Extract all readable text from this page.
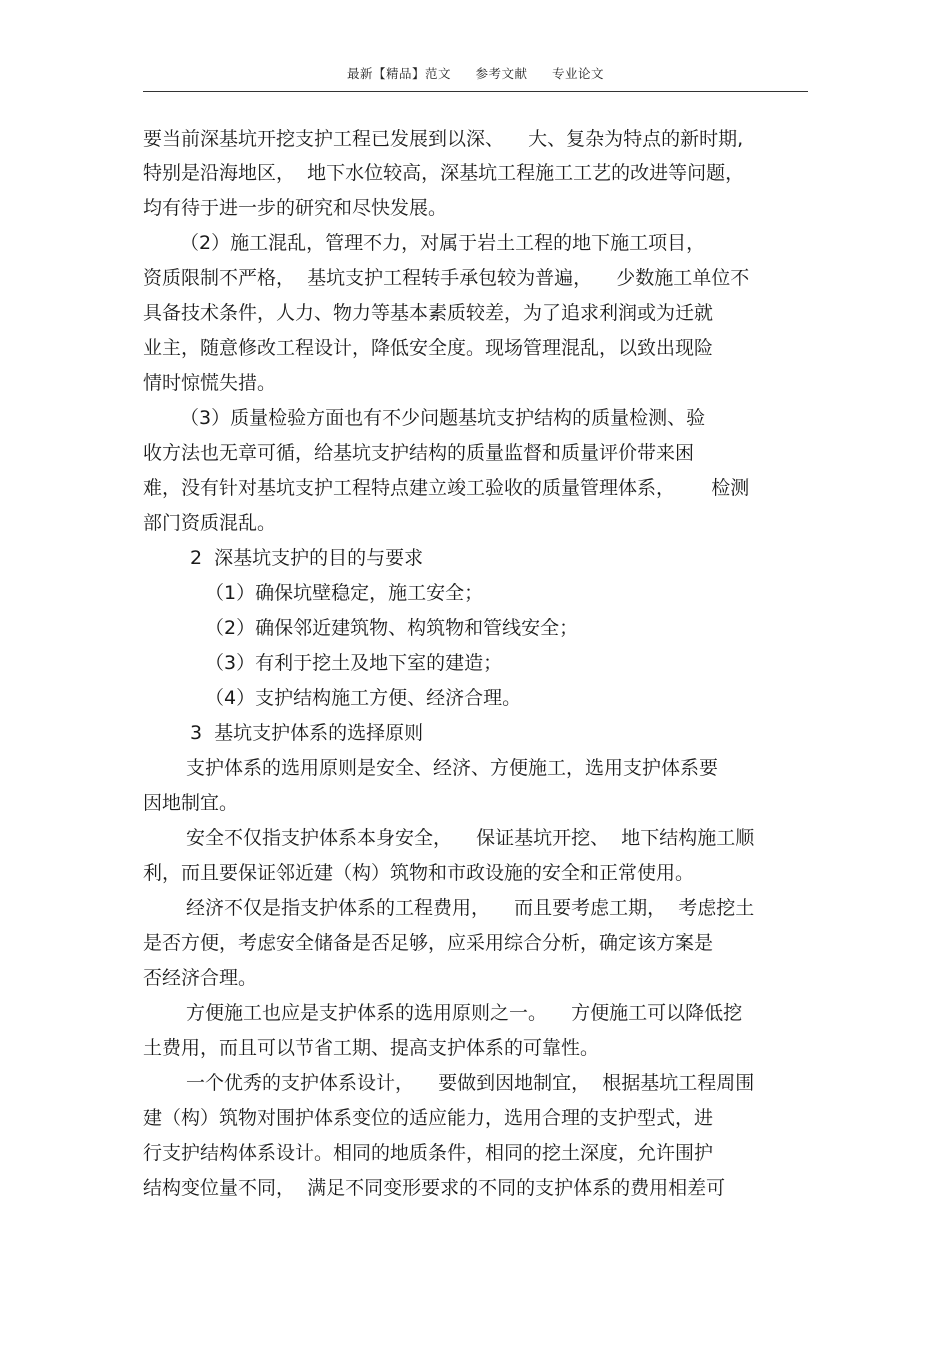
最新【精品】范文 参考文献 专业论文
要当前深基坑开挖支护工程已发展到以深、    大、复杂为特点的新时期,
特别是沿海地区，  地下水位较高，深基坑工程施工工艺的改进等问题，
均有待于进一步的研究和尽快发展。
（2）施工混乱，管理不力，对属于岩土工程的地下施工项目，
资质限制不严格，  基坑支护工程转手承包较为普遍，    少数施工单位不
具备技术条件，人力、物力等基本素质较差，为了追求利润或为迁就
业主，随意修改工程设计，降低安全度。现场管理混乱，以致出现险
情时惊慌失措。
（3）质量检验方面也有不少问题基坑支护结构的质量检测、验
收方法也无章可循，给基坑支护结构的质量监督和质量评价带来困
难，没有针对基坑支护工程特点建立竣工验收的质量管理体系，      检测
部门资质混乱。
2  深基坑支护的目的与要求
（1）确保坑壁稳定，施工安全；
（2）确保邻近建筑物、构筑物和管线安全；
（3）有利于挖土及地下室的建造；
（4）支护结构施工方便、经济合理。
3  基坑支护体系的选择原则
支护体系的选用原则是安全、经济、方便施工，选用支护体系要
因地制宜。
安全不仅指支护体系本身安全，    保证基坑开挖、  地下结构施工顺
利，而且要保证邻近建（构）筑物和市政设施的安全和正常使用。
经济不仅是指支护体系的工程费用，    而且要考虑工期，  考虑挖土
是否方便，考虑安全储备是否足够，应采用综合分析，确定该方案是
否经济合理。
方便施工也应是支护体系的选用原则之一。    方便施工可以降低挖
土费用，而且可以节省工期、提高支护体系的可靠性。
一个优秀的支护体系设计，    要做到因地制宜，  根据基坑工程周围
建（构）筑物对围护体系变位的适应能力，选用合理的支护型式，进
行支护结构体系设计。相同的地质条件，相同的挖土深度，允许围护
结构变位量不同，  满足不同变形要求的不同的支护体系的费用相差可
